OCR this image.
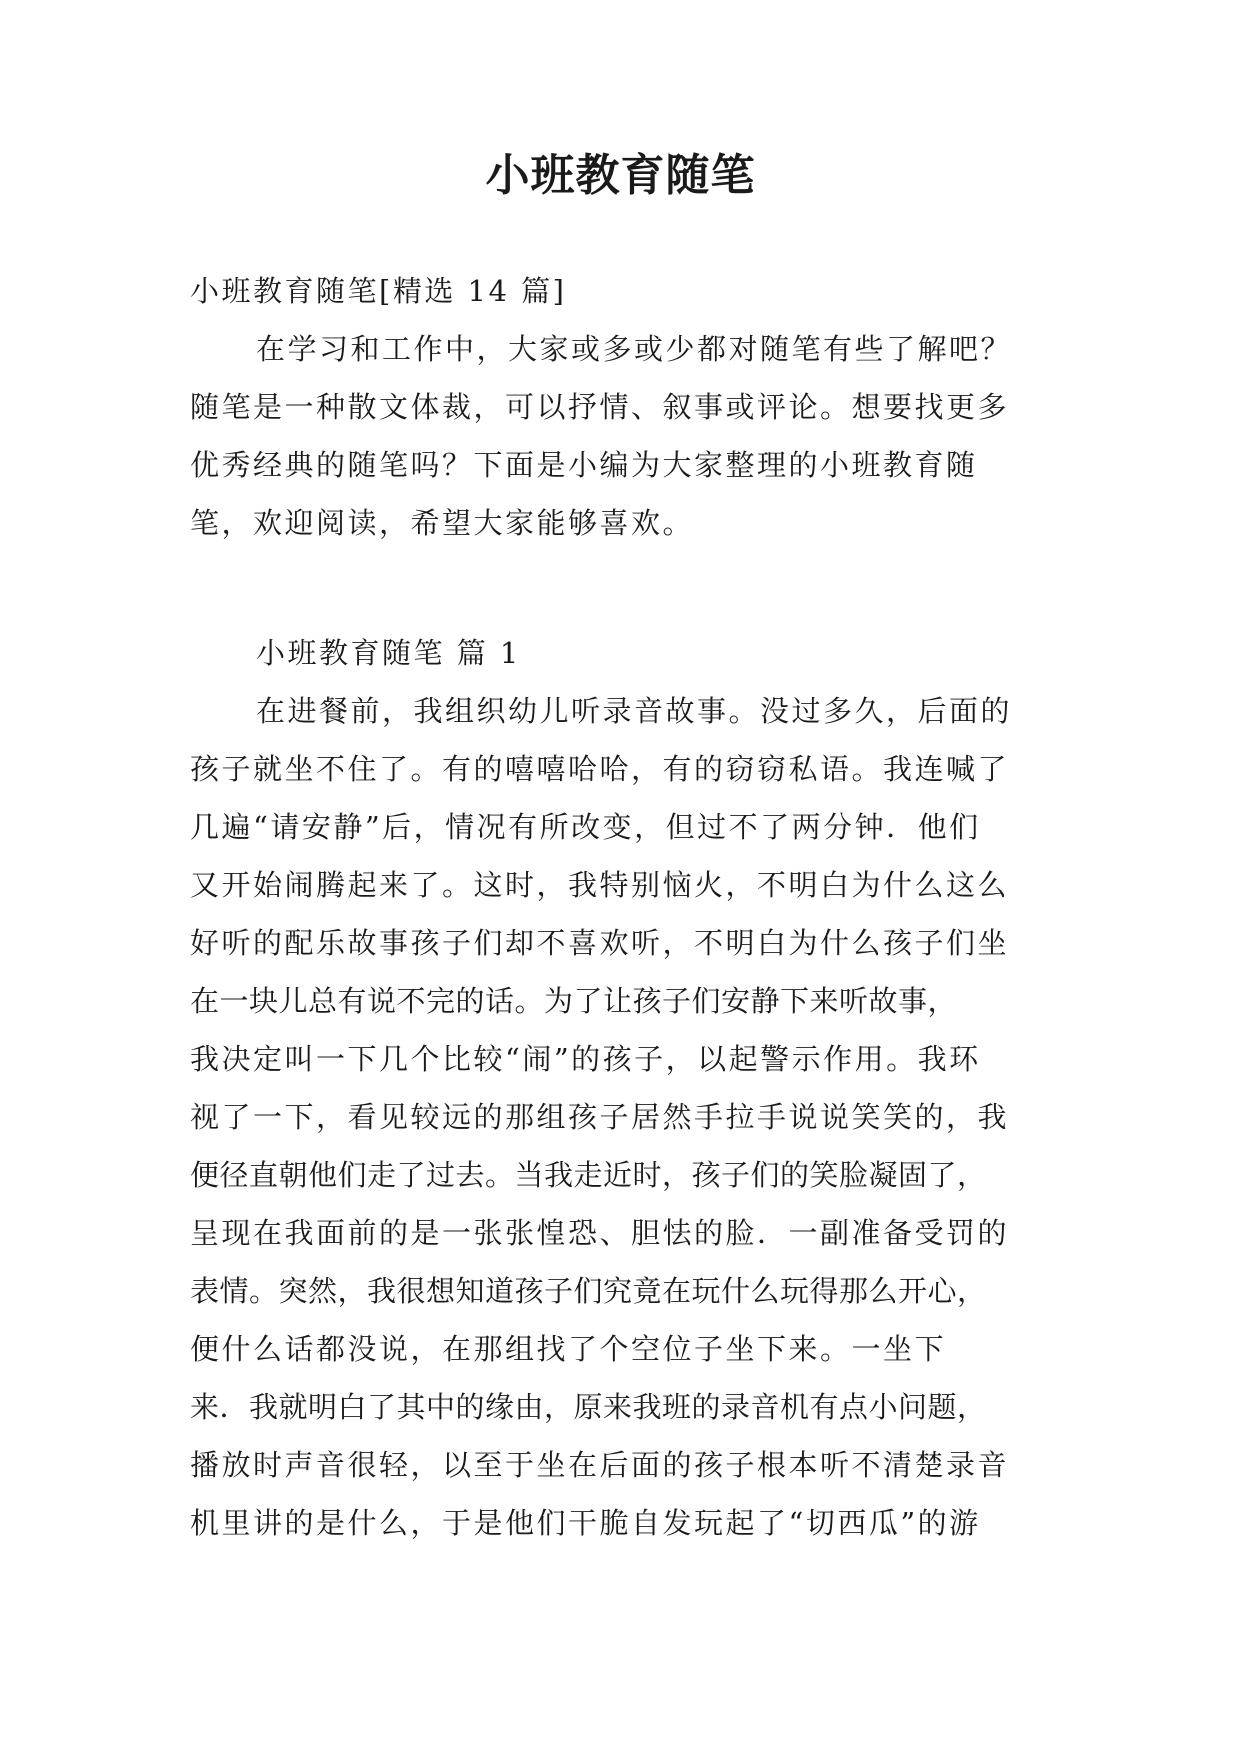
小班教育随笔
小班教育随笔[精选 14 篇]
在学习和工作中，大家或多或少都对随笔有些了解吧？
随笔是一种散文体裁，可以抒情、叙事或评论。想要找更多
优秀经典的随笔吗？下面是小编为大家整理的小班教育随
笔，欢迎阅读，希望大家能够喜欢。
小班教育随笔 篇 1
在进餐前，我组织幼儿听录音故事。没过多久，后面的
孩子就坐不住了。有的嘻嘻哈哈，有的窃窃私语。我连喊了
几遍“请安静”后，情况有所改变，但过不了两分钟．他们
又开始闹腾起来了。这时，我特别恼火，不明白为什么这么
好听的配乐故事孩子们却不喜欢听，不明白为什么孩子们坐
在一块儿总有说不完的话。为了让孩子们安静下来听故事，
我决定叫一下几个比较“闹”的孩子，以起警示作用。我环
视了一下，看见较远的那组孩子居然手拉手说说笑笑的，我
便径直朝他们走了过去。当我走近时，孩子们的笑脸凝固了，
呈现在我面前的是一张张惶恐、胆怯的脸．一副准备受罚的
表情。突然，我很想知道孩子们究竟在玩什么玩得那么开心，
便什么话都没说，在那组找了个空位子坐下来。一坐下
来．我就明白了其中的缘由，原来我班的录音机有点小问题，
播放时声音很轻，以至于坐在后面的孩子根本听不清楚录音
机里讲的是什么，于是他们干脆自发玩起了“切西瓜”的游
